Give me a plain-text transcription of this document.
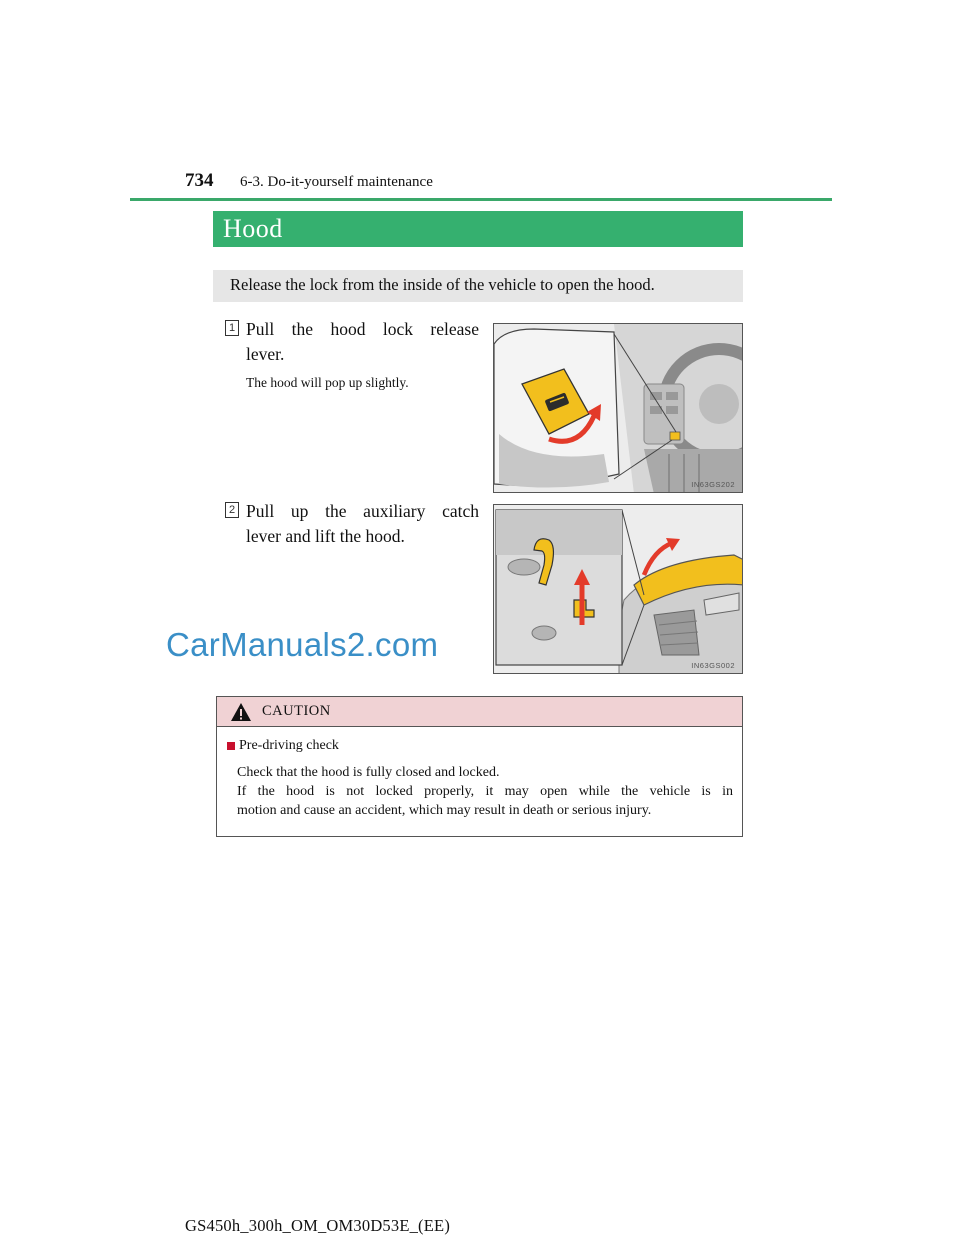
734	6-3. Do-it-yourself maintenance
Hood
Release the lock from the inside of the vehicle to open the hood.
1 Pull the hood lock release
lever.
The hood will pop up slightly.
IN63GS202
2 Pull up the auxiliary catch
lever and lift the hood.
IN63GS002
CarManuals2.com
CAUTION
Pre-driving check
Check that the hood is fully closed and locked.
If the hood is not locked properly, it may open while the vehicle is in
motion and cause an accident, which may result in death or serious injury.
GS450h_300h_OM_OM30D53E_(EE)
